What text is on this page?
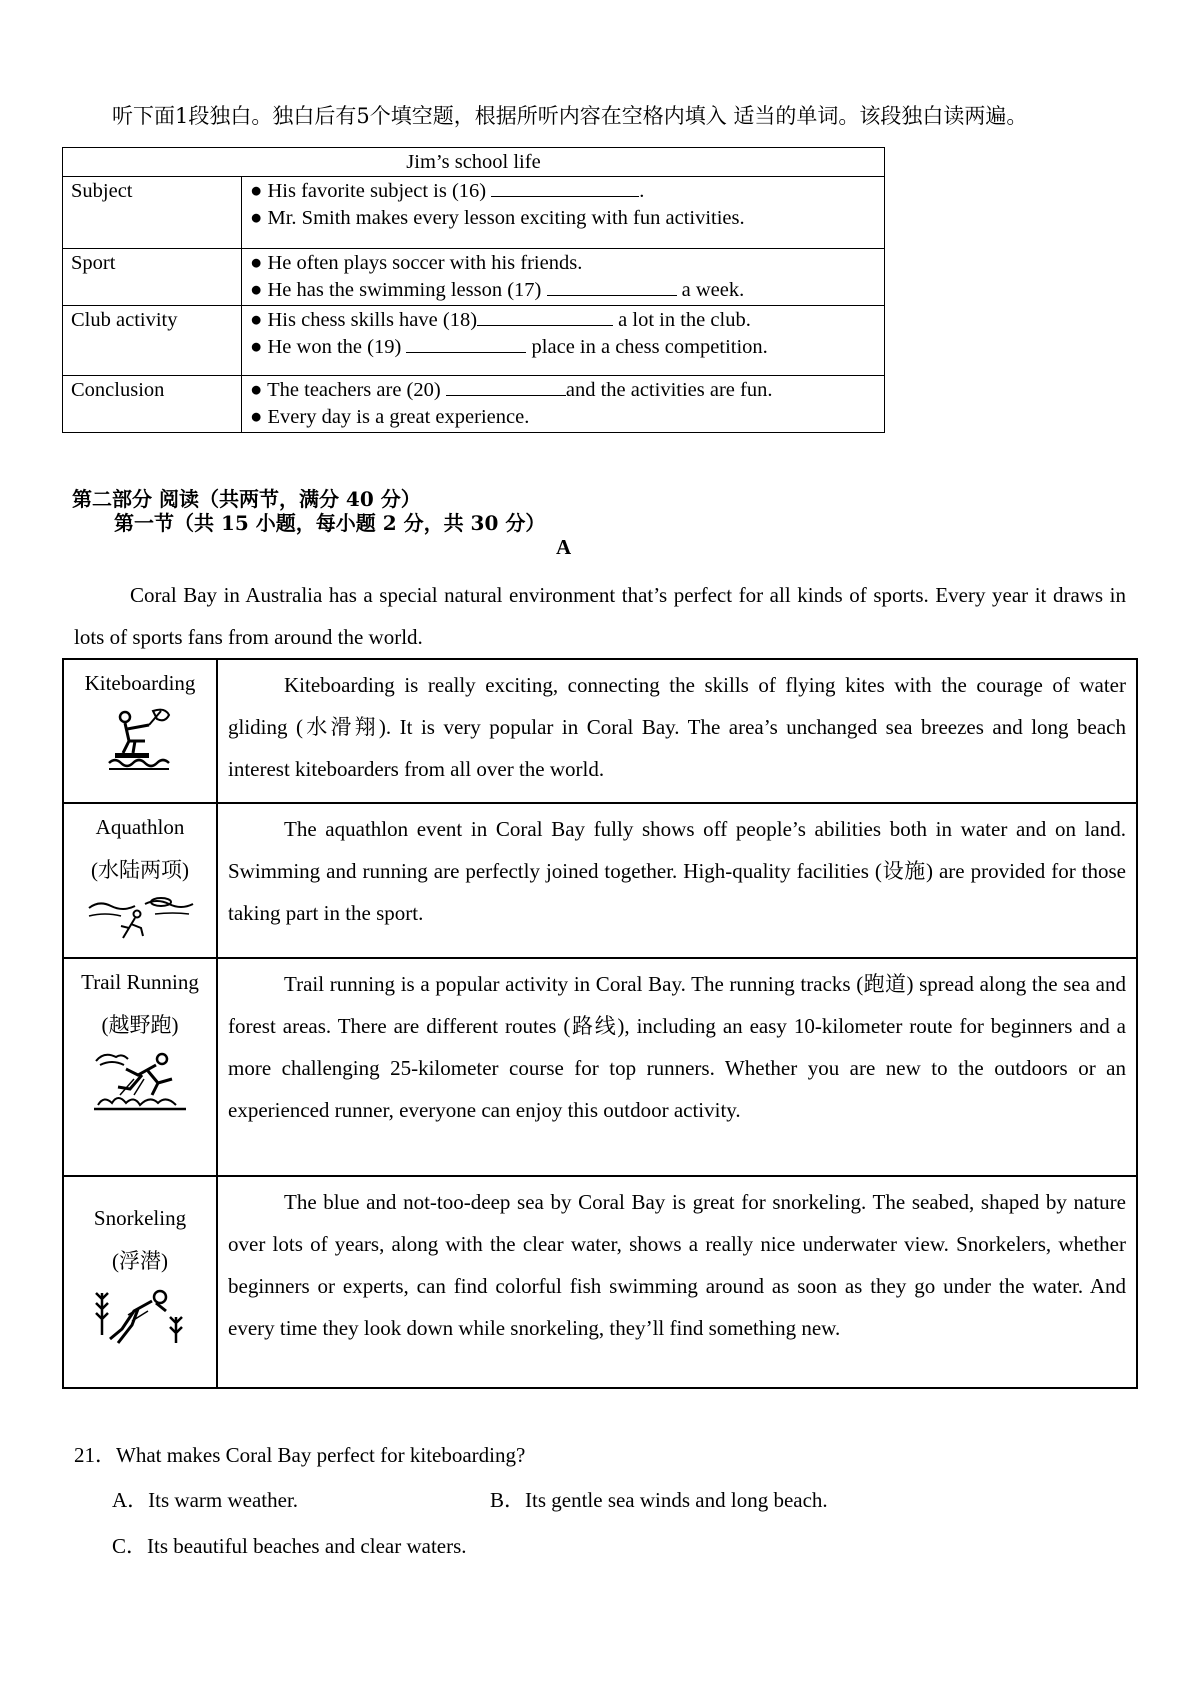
听下面1段独白。独白后有5个填空题，根据所听内容在空格内填入 适当的单词。该段独白读两遍。
Jim’s school life	
Subject	● His favorite subject is (16) .
● Mr. Smith makes every lesson exciting with fun activities.

Sport	● He often plays soccer with his friends.
● He has the swimming lesson (17) a week.

Club activity	● His chess skills have (18) a lot in the club.
● He won the (19) place in a chess competition.

Conclusion	● The teachers are (20) and the activities are fun.
● Every day is a great experience.
第二部分 阅读（共两节，满分 40 分）
第一节（共 15 小题，每小题 2 分，共 30 分）
A
Coral Bay in Australia has a special natural environment that’s perfect for all kinds of sports. Every year it draws in lots of sports fans from around the world.
Kiteboarding	Kiteboarding is really exciting, connecting the skills of flying kites with the courage of water gliding (水滑翔). It is very popular in Coral Bay. The area’s unchanged sea breezes and long beach interest kiteboarders from all over the world.

Aquathlon (水陆两项)	The aquathlon event in Coral Bay fully shows off people’s abilities both in water and on land. Swimming and running are perfectly joined together. High-quality facilities (设施) are provided for those taking part in the sport.

Trail Running (越野跑)	Trail running is a popular activity in Coral Bay. The running tracks (跑道) spread along the sea and forest areas. There are different routes (路线), including an easy 10-kilometer route for beginners and a more challenging 25-kilometer course for top runners. Whether you are new to the outdoors or an experienced runner, everyone can enjoy this outdoor activity.

Snorkeling (浮潜)	The blue and not-too-deep sea by Coral Bay is great for snorkeling. The seabed, shaped by nature over lots of years, along with the clear water, shows a really nice underwater view. Snorkelers, whether beginners or experts, can find colorful fish swimming around as soon as they go under the water. And every time they look down while snorkeling, they’ll find something new.
21．What makes Coral Bay perfect for kiteboarding?
A．Its warm weather.	B．Its gentle sea winds and long beach.
C．Its beautiful beaches and clear waters.
